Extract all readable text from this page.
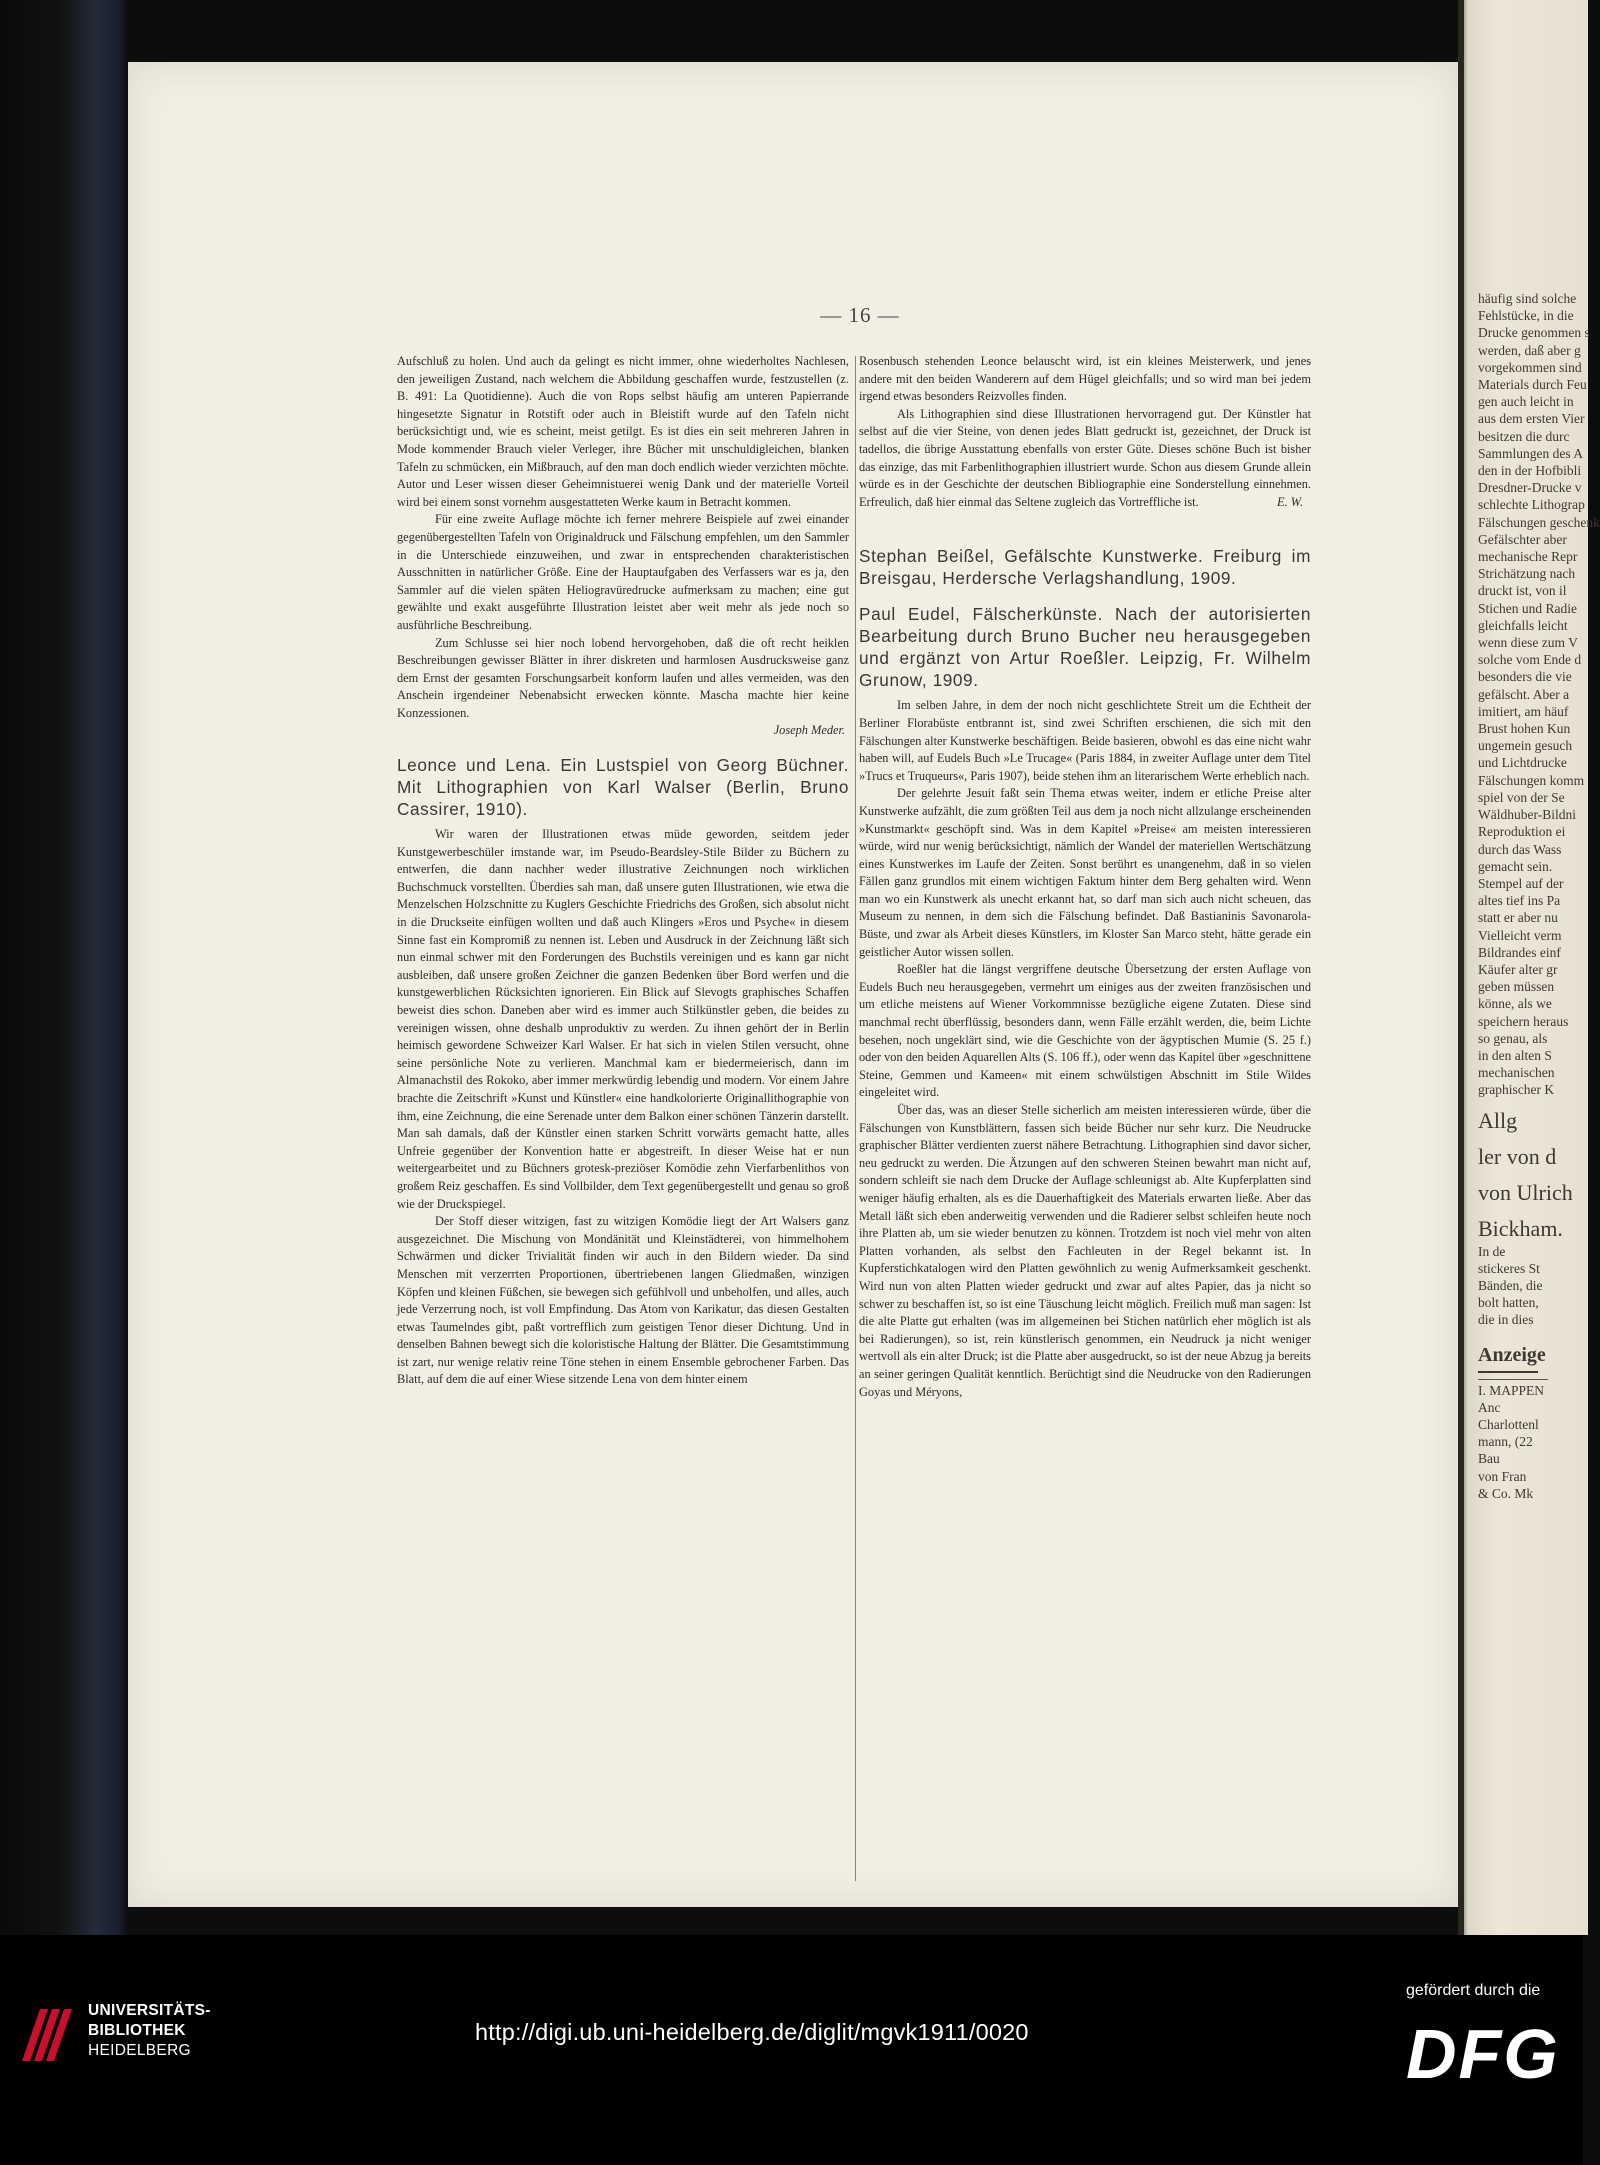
häufig sind solche
Fehlstücke, in die
Drucke genommen s
werden, daß aber g
vorgekommen sind
Materials durch Feu
gen auch leicht in
aus dem ersten Vier
besitzen die durc
Sammlungen des A
den in der Hofbibli
Dresdner-Drucke v
schlechte Lithograp
Fälschungen geschenk
Gefälschter aber
mechanische Repr
Strichätzung nach
druckt ist, von il
Stichen und Radie
gleichfalls leicht
wenn diese zum V
solche vom Ende d
besonders die vie
gefälscht. Aber a
imitiert, am häuf
Brust hohen Kun
ungemein gesuch
und Lichtdrucke
Fälschungen komm
spiel von der Se
Wäldhuber-Bildni
Reproduktion ei
durch das Wass
gemacht sein.
Stempel auf der
altes tief ins Pa
statt er aber nu
Vielleicht verm
Bildrandes einf
Käufer alter gr
geben müssen
könne, als we
speichern heraus
so genau, als
in den alten S
mechanischen
graphischer K
Allg
ler von d
von Ulrich
Bickham.
In de
stickeres St
Bänden, die
bolt hatten,
die in dies
Anzeige
I. MAPPEN
Anc
Charlottenl
mann, (22
Bau
von Fran
& Co. Mk
— 16 —

Aufschluß zu holen. Und auch da gelingt es nicht immer, ohne wiederholtes Nachlesen, den jeweiligen Zustand, nach welchem die Abbildung geschaffen wurde, festzustellen (z. B. 491: La Quotidienne). Auch die von Rops selbst häufig am unteren Papierrande hingesetzte Signatur in Rotstift oder auch in Bleistift wurde auf den Tafeln nicht berücksichtigt und, wie es scheint, meist getilgt. Es ist dies ein seit mehreren Jahren in Mode kommender Brauch vieler Verleger, ihre Bücher mit unschuldigleichen, blanken Tafeln zu schmücken, ein Mißbrauch, auf den man doch endlich wieder verzichten möchte. Autor und Leser wissen dieser Geheimnistuerei wenig Dank und der materielle Vorteil wird bei einem sonst vornehm ausgestatteten Werke kaum in Betracht kommen.

Für eine zweite Auflage möchte ich ferner mehrere Beispiele auf zwei einander gegenübergestellten Tafeln von Originaldruck und Fälschung empfehlen, um den Sammler in die Unterschiede einzuweihen, und zwar in entsprechenden charakteristischen Ausschnitten in natürlicher Größe. Eine der Hauptaufgaben des Verfassers war es ja, den Sammler auf die vielen späten Heliogravüredrucke aufmerksam zu machen; eine gut gewählte und exakt ausgeführte Illustration leistet aber weit mehr als jede noch so ausführliche Beschreibung.

Zum Schlusse sei hier noch lobend hervorgehoben, daß die oft recht heiklen Beschreibungen gewisser Blätter in ihrer diskreten und harmlosen Ausdrucksweise ganz dem Ernst der gesamten Forschungsarbeit konform laufen und alles vermeiden, was den Anschein irgendeiner Nebenabsicht erwecken könnte. Mascha machte hier keine Konzessionen.

Joseph Meder.

Leonce und Lena. Ein Lustspiel von Georg Büchner. Mit Lithographien von Karl Walser (Berlin, Bruno Cassirer, 1910).

Wir waren der Illustrationen etwas müde geworden, seitdem jeder Kunstgewerbeschüler imstande war, im Pseudo-Beardsley-Stile Bilder zu Büchern zu entwerfen, die dann nachher weder illustrative Zeichnungen noch wirklichen Buchschmuck vorstellten. Überdies sah man, daß unsere guten Illustrationen, wie etwa die Menzelschen Holzschnitte zu Kuglers Geschichte Friedrichs des Großen, sich absolut nicht in die Druckseite einfügen wollten und daß auch Klingers »Eros und Psyche« in diesem Sinne fast ein Kompromiß zu nennen ist. Leben und Ausdruck in der Zeichnung läßt sich nun einmal schwer mit den Forderungen des Buchstils vereinigen und es kann gar nicht ausbleiben, daß unsere großen Zeichner die ganzen Bedenken über Bord werfen und die kunstgewerblichen Rücksichten ignorieren. Ein Blick auf Slevogts graphisches Schaffen beweist dies schon. Daneben aber wird es immer auch Stilkünstler geben, die beides zu vereinigen wissen, ohne deshalb unproduktiv zu werden. Zu ihnen gehört der in Berlin heimisch gewordene Schweizer Karl Walser. Er hat sich in vielen Stilen versucht, ohne seine persönliche Note zu verlieren. Manchmal kam er biedermeierisch, dann im Almanachstil des Rokoko, aber immer merkwürdig lebendig und modern. Vor einem Jahre brachte die Zeitschrift »Kunst und Künstler« eine handkolorierte Originallithographie von ihm, eine Zeichnung, die eine Serenade unter dem Balkon einer schönen Tänzerin darstellt. Man sah damals, daß der Künstler einen starken Schritt vorwärts gemacht hatte, alles Unfreie gegenüber der Konvention hatte er abgestreift. In dieser Weise hat er nun weitergearbeitet und zu Büchners grotesk-preziöser Komödie zehn Vierfarbenlithos von großem Reiz geschaffen. Es sind Vollbilder, dem Text gegenübergestellt und genau so groß wie der Druckspiegel.

Der Stoff dieser witzigen, fast zu witzigen Komödie liegt der Art Walsers ganz ausgezeichnet. Die Mischung von Mondänität und Kleinstädterei, von himmelhohem Schwärmen und dicker Trivialität finden wir auch in den Bildern wieder. Da sind Menschen mit verzerrten Proportionen, übertriebenen langen Gliedmaßen, winzigen Köpfen und kleinen Füßchen, sie bewegen sich gefühlvoll und unbeholfen, und alles, auch jede Verzerrung noch, ist voll Empfindung. Das Atom von Karikatur, das diesen Gestalten etwas Taumelndes gibt, paßt vortrefflich zum geistigen Tenor dieser Dichtung. Und in denselben Bahnen bewegt sich die koloristische Haltung der Blätter. Die Gesamtstimmung ist zart, nur wenige relativ reine Töne stehen in einem Ensemble gebrochener Farben. Das Blatt, auf dem die auf einer Wiese sitzende Lena von dem hinter einem

Rosenbusch stehenden Leonce belauscht wird, ist ein kleines Meisterwerk, und jenes andere mit den beiden Wanderern auf dem Hügel gleichfalls; und so wird man bei jedem irgend etwas besonders Reizvolles finden.

Als Lithographien sind diese Illustrationen hervorragend gut. Der Künstler hat selbst auf die vier Steine, von denen jedes Blatt gedruckt ist, gezeichnet, der Druck ist tadellos, die übrige Ausstattung ebenfalls von erster Güte. Dieses schöne Buch ist bisher das einzige, das mit Farbenlithographien illustriert wurde. Schon aus diesem Grunde allein würde es in der Geschichte der deutschen Bibliographie eine Sonderstellung einnehmen. Erfreulich, daß hier einmal das Seltene zugleich das Vortreffliche ist.	E. W.

Stephan Beißel, Gefälschte Kunstwerke. Freiburg im Breisgau, Herdersche Verlagshandlung, 1909.
Paul Eudel, Fälscherkünste. Nach der autorisierten Bearbeitung durch Bruno Bucher neu herausgegeben und ergänzt von Artur Roeßler. Leipzig, Fr. Wilhelm Grunow, 1909.

Im selben Jahre, in dem der noch nicht geschlichtete Streit um die Echtheit der Berliner Florabüste entbrannt ist, sind zwei Schriften erschienen, die sich mit den Fälschungen alter Kunstwerke beschäftigen. Beide basieren, obwohl es das eine nicht wahr haben will, auf Eudels Buch »Le Trucage« (Paris 1884, in zweiter Auflage unter dem Titel »Trucs et Truqueurs«, Paris 1907), beide stehen ihm an literarischem Werte erheblich nach.

Der gelehrte Jesuit faßt sein Thema etwas weiter, indem er etliche Preise alter Kunstwerke aufzählt, die zum größten Teil aus dem ja noch nicht allzulange erscheinenden »Kunstmarkt« geschöpft sind. Was in dem Kapitel »Preise« am meisten interessieren würde, wird nur wenig berücksichtigt, nämlich der Wandel der materiellen Wertschätzung eines Kunstwerkes im Laufe der Zeiten. Sonst berührt es unangenehm, daß in so vielen Fällen ganz grundlos mit einem wichtigen Faktum hinter dem Berg gehalten wird. Wenn man wo ein Kunstwerk als unecht erkannt hat, so darf man sich auch nicht scheuen, das Museum zu nennen, in dem sich die Fälschung befindet. Daß Bastianinis Savonarola-Büste, und zwar als Arbeit dieses Künstlers, im Kloster San Marco steht, hätte gerade ein geistlicher Autor wissen sollen.

Roeßler hat die längst vergriffene deutsche Übersetzung der ersten Auflage von Eudels Buch neu herausgegeben, vermehrt um einiges aus der zweiten französischen und um etliche meistens auf Wiener Vorkommnisse bezügliche eigene Zutaten. Diese sind manchmal recht überflüssig, besonders dann, wenn Fälle erzählt werden, die, beim Lichte besehen, noch ungeklärt sind, wie die Geschichte von der ägyptischen Mumie (S. 25 f.) oder von den beiden Aquarellen Alts (S. 106 ff.), oder wenn das Kapitel über »geschnittene Steine, Gemmen und Kameen« mit einem schwülstigen Abschnitt im Stile Wildes eingeleitet wird.

Über das, was an dieser Stelle sicherlich am meisten interessieren würde, über die Fälschungen von Kunstblättern, fassen sich beide Bücher nur sehr kurz. Die Neudrucke graphischer Blätter verdienten zuerst nähere Betrachtung. Lithographien sind davor sicher, neu gedruckt zu werden. Die Ätzungen auf den schweren Steinen bewahrt man nicht auf, sondern schleift sie nach dem Drucke der Auflage schleunigst ab. Alte Kupferplatten sind weniger häufig erhalten, als es die Dauerhaftigkeit des Materials erwarten ließe. Aber das Metall läßt sich eben anderweitig verwenden und die Radierer selbst schleifen heute noch ihre Platten ab, um sie wieder benutzen zu können. Trotzdem ist noch viel mehr von alten Platten vorhanden, als selbst den Fachleuten in der Regel bekannt ist. In Kupferstichkatalogen wird den Platten gewöhnlich zu wenig Aufmerksamkeit geschenkt. Wird nun von alten Platten wieder gedruckt und zwar auf altes Papier, das ja nicht so schwer zu beschaffen ist, so ist eine Täuschung leicht möglich. Freilich muß man sagen: Ist die alte Platte gut erhalten (was im allgemeinen bei Stichen natürlich eher möglich ist als bei Radierungen), so ist, rein künstlerisch genommen, ein Neudruck ja nicht weniger wertvoll als ein alter Druck; ist die Platte aber ausgedruckt, so ist der neue Abzug ja bereits an seiner geringen Qualität kenntlich. Berüchtigt sind die Neudrucke von den Radierungen Goyas und Méryons,

UNIVERSITÄTS-
BIBLIOTHEK
HEIDELBERG
http://digi.ub.uni-heidelberg.de/diglit/mgvk1911/0020
gefördert durch die
DFG
